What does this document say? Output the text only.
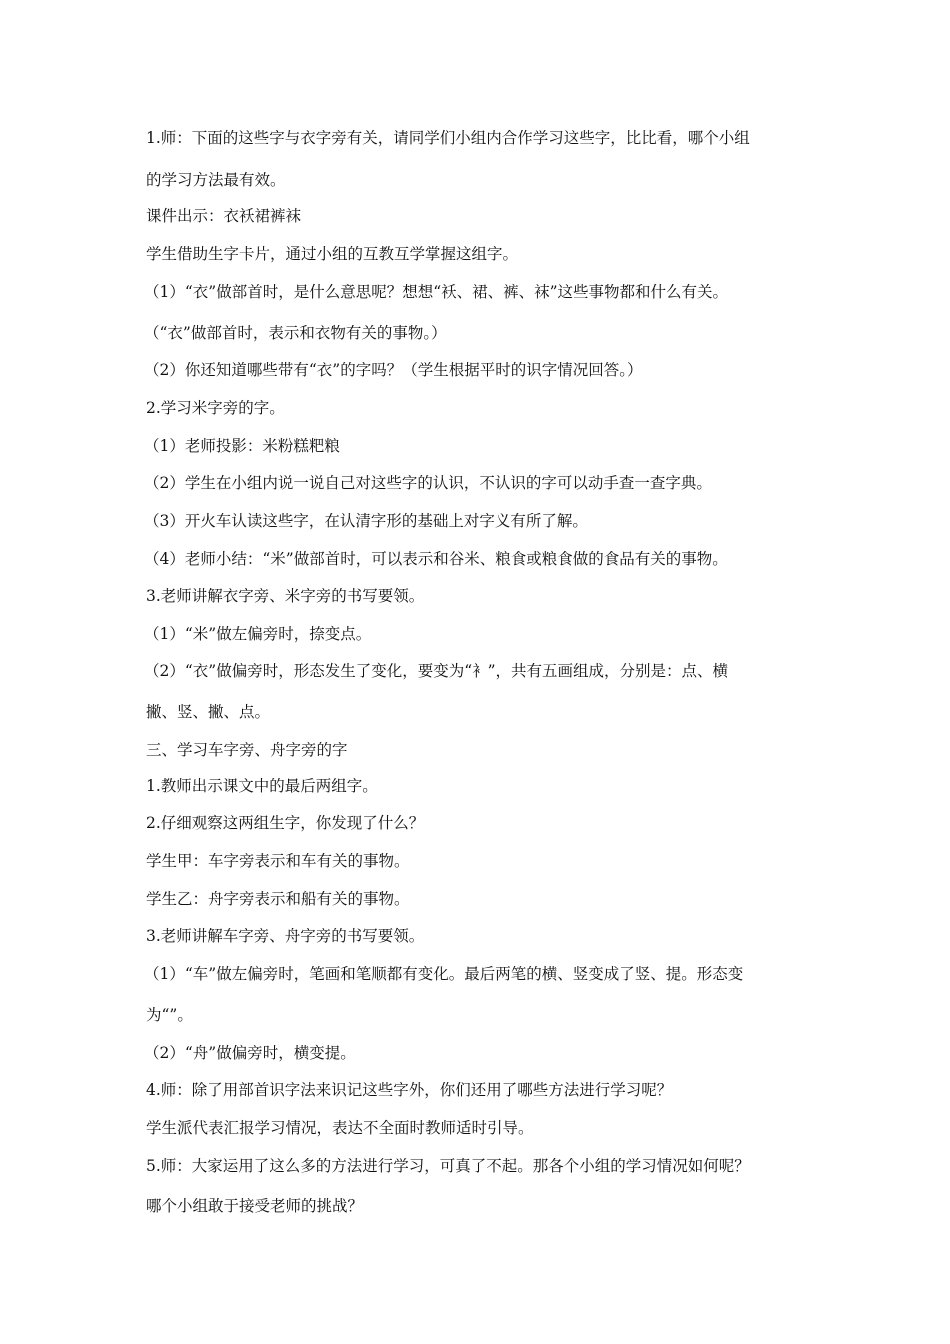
1.师：下面的这些字与衣字旁有关，请同学们小组内合作学习这些字，比比看，哪个小组
的学习方法最有效。
课件出示：衣袄裙裤袜
学生借助生字卡片，通过小组的互教互学掌握这组字。
（1）“衣”做部首时，是什么意思呢？想想“袄、裙、裤、袜”这些事物都和什么有关。
（“衣”做部首时，表示和衣物有关的事物。）
（2）你还知道哪些带有“衣”的字吗？（学生根据平时的识字情况回答。）
2.学习米字旁的字。
（1）老师投影：米粉糕粑粮
（2）学生在小组内说一说自己对这些字的认识，不认识的字可以动手查一查字典。
（3）开火车认读这些字，在认清字形的基础上对字义有所了解。
（4）老师小结：“米”做部首时，可以表示和谷米、粮食或粮食做的食品有关的事物。
3.老师讲解衣字旁、米字旁的书写要领。
（1）“米”做左偏旁时，捺变点。
（2）“衣”做偏旁时，形态发生了变化，要变为“衤”，共有五画组成，分别是：点、横
撇、竖、撇、点。
三、学习车字旁、舟字旁的字
1.教师出示课文中的最后两组字。
2.仔细观察这两组生字，你发现了什么？
学生甲：车字旁表示和车有关的事物。
学生乙：舟字旁表示和船有关的事物。
3.老师讲解车字旁、舟字旁的书写要领。
（1）“车”做左偏旁时，笔画和笔顺都有变化。最后两笔的横、竖变成了竖、提。形态变
为“”。
（2）“舟”做偏旁时，横变提。
4.师：除了用部首识字法来识记这些字外，你们还用了哪些方法进行学习呢？
学生派代表汇报学习情况，表达不全面时教师适时引导。
5.师：大家运用了这么多的方法进行学习，可真了不起。那各个小组的学习情况如何呢？
哪个小组敢于接受老师的挑战？
